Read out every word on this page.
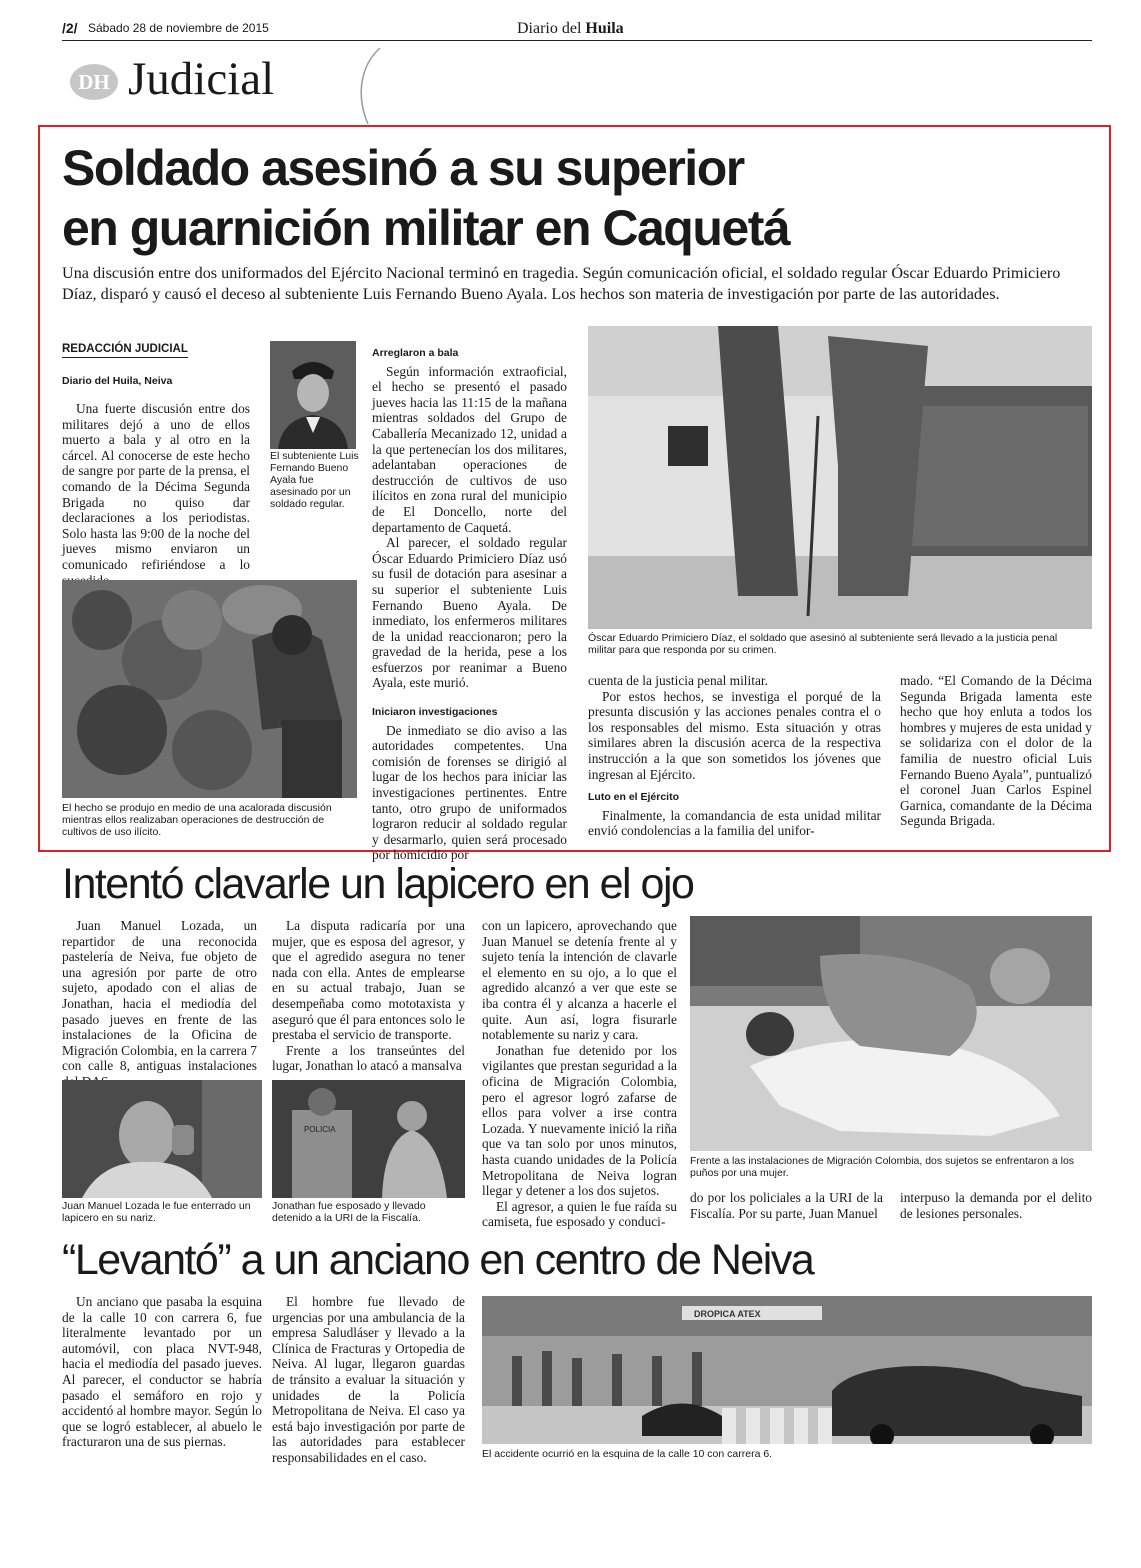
/2/ Sábado 28 de noviembre de 2015	Diario del Huila
DH Judicial
Soldado asesinó a su superior
en guarnición militar en Caquetá
Una discusión entre dos uniformados del Ejército Nacional terminó en tragedia. Según comunicación oficial, el soldado regular Óscar Eduardo Primiciero Díaz, disparó y causó el deceso al subteniente Luis Fernando Bueno Ayala. Los hechos son materia de investigación por parte de las autoridades.
REDACCIÓN JUDICIAL
Diario del Huila, Neiva

Una fuerte discusión entre dos militares dejó a uno de ellos muerto a bala y al otro en la cárcel. Al conocerse de este hecho de sangre por parte de la prensa, el comando de la Décima Segunda Brigada no quiso dar declaraciones a los periodistas. Solo hasta las 9:00 de la noche del jueves mismo enviaron un comunicado refiriéndose a lo

El subteniente Luis Fernando Bueno Ayala fue asesinado por un soldado regular.
Arreglaron a bala

Según información extraoficial, el hecho se presentó el pasado jueves hacia las 11:15 de la mañana mientras soldados del Grupo de Caballería Mecanizado 12, unidad a la que pertenecían los dos militares, adelantaban operaciones de destrucción de cultivos de uso ilícitos en zona rural del municipio de El Doncello, norte del departamento de Caquetá.

Al parecer, el soldado regular Óscar Eduardo Primiciero Díaz usó su fusil de dotación para asesinar a su superior el subteniente Luis Fernando Bueno Ayala. De inmediato, los enfermeros militares de la unidad reaccionaron; pero la gravedad de la herida, pese a los esfuerzos por reanimar a Bueno Ayala, este murió.

Iniciaron investigaciones

De inmediato se dio aviso a las autoridades competentes. Una comisión de forenses se dirigió al lugar de los hechos para iniciar las investigaciones pertinentes. Entre tanto, otro grupo de uniformados lograron reducir al soldado regular y desarmarlo, quien será procesado por homicidio por

El hecho se produjo en medio de una acalorada discusión mientras ellos realizaban operaciones de destrucción de cultivos de uso ilícito.
Óscar Eduardo Primiciero Díaz, el soldado que asesinó al subteniente será llevado a la justicia penal militar para que responda por su crimen.

cuenta de la justicia penal militar.

Por estos hechos, se investiga el porqué de la presunta discusión y las acciones penales contra el o los responsables del mismo. Esta situación y otras similares abren la discusión acerca de la respectiva instrucción a la que son sometidos los jóvenes que ingresan al Ejército.

Luto en el Ejército

Finalmente, la comandancia de esta unidad militar envió condolencias a la familia del unifor-

mado. “El Comando de la Décima Segunda Brigada lamenta este hecho que hoy enluta a todos los hombres y mujeres de esta unidad y se solidariza con el dolor de la familia de nuestro oficial Luis Fernando Bueno Ayala”, puntualizó el coronel Juan Carlos Espinel Garnica, comandante de la Décima Segunda Brigada.

Intentó clavarle un lapicero en el ojo

Juan Manuel Lozada, un repartidor de una reconocida pastelería de Neiva, fue objeto de una agresión por parte de otro sujeto, apodado con el alias de Jonathan, hacia el mediodía del pasado jueves en frente de las instalaciones de la Oficina de Migración Colombia, en la carrera 7 con calle 8, antiguas instalaciones

La disputa radicaría por una mujer, que es esposa del agresor, y que el agredido asegura no tener nada con ella. Antes de emplearse en su actual trabajo, Juan se desempeñaba como mototaxista y aseguró que él para entonces solo le prestaba el servicio de transporte.

Frente a los transeúntes del lugar, Jonathan lo atacó a mansalva

con un lapicero, aprovechando que Juan Manuel se detenía frente al y sujeto tenía la intención de clavarle el elemento en su ojo, a lo que el agredido alcanzó a ver que este se iba contra él y alcanza a hacerle el quite. Aun así, logra fisurarle notablemente su nariz y cara.

Jonathan fue detenido por los vigilantes que prestan seguridad a la oficina de Migración Colombia, pero el agresor logró zafarse de ellos para volver a irse contra Lozada. Y nuevamente inició la riña que va tan solo por unos minutos, hasta cuando unidades de la Policía Metropolitana de Neiva logran llegar y detener a los dos sujetos.

El agresor, a quien le fue raída su camiseta, fue esposado y conduci-

Juan Manuel Lozada le fue enterrado un lapicero en su nariz.
POLICIA
Jonathan fue esposado y llevado detenido a la URI de la Fiscalía.
Frente a las instalaciones de Migración Colombia, dos sujetos se enfrentaron a los puños por una mujer.
do por los policiales a la URI de la Fiscalía. Por su parte, Juan Manuel
interpuso la demanda por el delito de lesiones personales.
“Levantó” a un anciano en centro de Neiva

Un anciano que pasaba la esquina de la calle 10 con carrera 6, fue literalmente levantado por un automóvil, con placa NVT-948, hacia el mediodía del pasado jueves. Al parecer, el conductor se habría pasado el semáforo en rojo y accidentó al hombre mayor. Según lo que se logró establecer, al abuelo le fracturaron una de sus piernas.

El hombre fue llevado de urgencias por una ambulancia de la empresa Saludláser y llevado a la Clínica de Fracturas y Ortopedia de Neiva. Al lugar, llegaron guardas de tránsito a evaluar la situación y unidades de la Policía Metropolitana de Neiva. El caso ya está bajo investigación por parte de las autoridades para establecer responsabilidades en el caso.

DROPICA ATEX
El accidente ocurrió en la esquina de la calle 10 con carrera 6.
